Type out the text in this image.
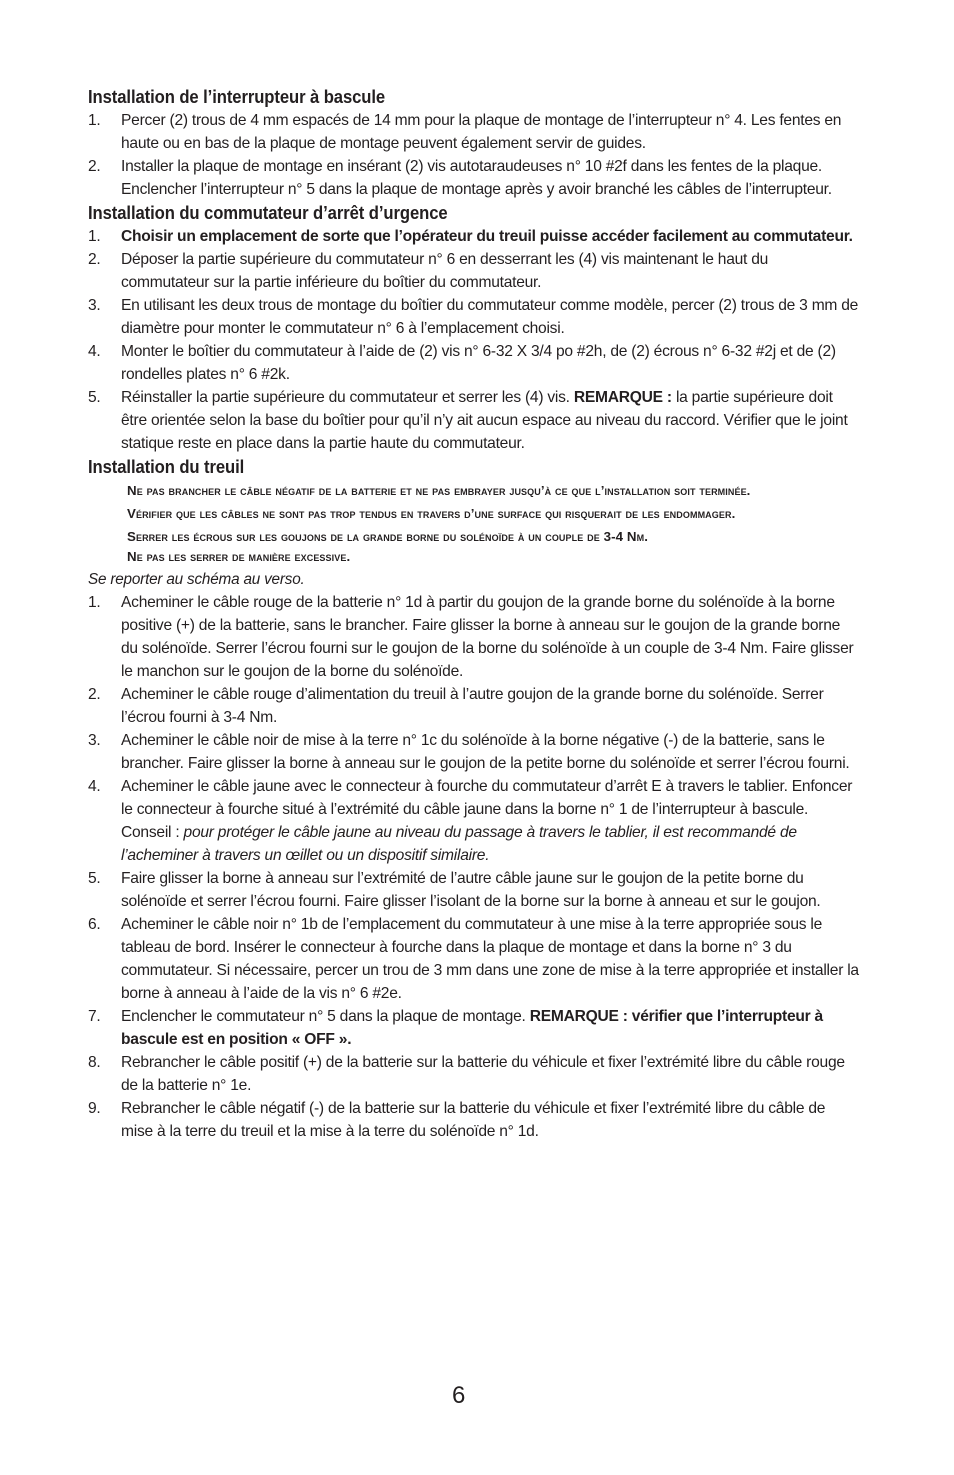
Installation de l’interrupteur à bascule
1. Percer (2) trous de 4 mm espacés de 14 mm pour la plaque de montage de l’interrupteur n° 4. Les fentes en haute ou en bas de la plaque de montage peuvent également servir de guides.
2. Installer la plaque de montage en insérant (2) vis autotaraudeuses n° 10 #2f dans les fentes de la plaque.
Enclencher l’interrupteur n° 5 dans la plaque de montage après y avoir branché les câbles de l’interrupteur.
Installation du commutateur d’arrêt d’urgence
1. Choisir un emplacement de sorte que l’opérateur du treuil puisse accéder facilement au commutateur.
2. Déposer la partie supérieure du commutateur n° 6 en desserrant les (4) vis maintenant le haut du commutateur sur la partie inférieure du boîtier du commutateur.
3. En utilisant les deux trous de montage du boîtier du commutateur comme modèle, percer (2) trous de 3 mm de diamètre pour monter le commutateur n° 6 à l’emplacement choisi.
4. Monter le boîtier du commutateur à l’aide de (2) vis n° 6-32 X 3/4 po #2h, de (2) écrous n° 6-32 #2j et de (2) rondelles plates n° 6 #2k.
5. Réinstaller la partie supérieure du commutateur et serrer les (4) vis. REMARQUE : la partie supérieure doit être orientée selon la base du boîtier pour qu’il n’y ait aucun espace au niveau du raccord. Vérifier que le joint statique reste en place dans la partie haute du commutateur.
Installation du treuil
Ne pas brancher le câble négatif de la batterie et ne pas embrayer jusqu’à ce que l’installation soit terminée.
Vérifier que les câbles ne sont pas trop tendus en travers d’une surface qui risquerait de les endommager.
Serrer les écrous sur les goujons de la grande borne du solénoïde à un couple de 3-4 Nm.
Ne pas les serrer de manière excessive.
Se reporter au schéma au verso.
1. Acheminer le câble rouge de la batterie n° 1d à partir du goujon de la grande borne du solénoïde à la borne positive (+) de la batterie, sans le brancher. Faire glisser la borne à anneau sur le goujon de la grande borne du solénoïde. Serrer l’écrou fourni sur le goujon de la borne du solénoïde à un couple de 3-4 Nm. Faire glisser le manchon sur le goujon de la borne du solénoïde.
2. Acheminer le câble rouge d’alimentation du treuil à l’autre goujon de la grande borne du solénoïde. Serrer l’écrou fourni à 3-4 Nm.
3. Acheminer le câble noir de mise à la terre n° 1c du solénoïde à la borne négative (-) de la batterie, sans le brancher. Faire glisser la borne à anneau sur le goujon de la petite borne du solénoïde et serrer l’écrou fourni.
4. Acheminer le câble jaune avec le connecteur à fourche du commutateur d’arrêt E à travers le tablier. Enfoncer le connecteur à fourche situé à l’extrémité du câble jaune dans la borne n° 1 de l’interrupteur à bascule. Conseil : pour protéger le câble jaune au niveau du passage à travers le tablier, il est recommandé de l’acheminer à travers un œillet ou un dispositif similaire.
5. Faire glisser la borne à anneau sur l’extrémité de l’autre câble jaune sur le goujon de la petite borne du solénoïde et serrer l’écrou fourni. Faire glisser l’isolant de la borne sur la borne à anneau et sur le goujon.
6. Acheminer le câble noir n° 1b de l’emplacement du commutateur à une mise à la terre appropriée sous le tableau de bord. Insérer le connecteur à fourche dans la plaque de montage et dans la borne n° 3 du commutateur. Si nécessaire, percer un trou de 3 mm dans une zone de mise à la terre appropriée et installer la borne à anneau à l’aide de la vis n° 6 #2e.
7. Enclencher le commutateur n° 5 dans la plaque de montage. REMARQUE : vérifier que l’interrupteur à bascule est en position « OFF ».
8. Rebrancher le câble positif (+) de la batterie sur la batterie du véhicule et fixer l’extrémité libre du câble rouge de la batterie n° 1e.
9. Rebrancher le câble négatif (-) de la batterie sur la batterie du véhicule et fixer l’extrémité libre du câble de mise à la terre du treuil et la mise à la terre du solénoïde n° 1d.
6
